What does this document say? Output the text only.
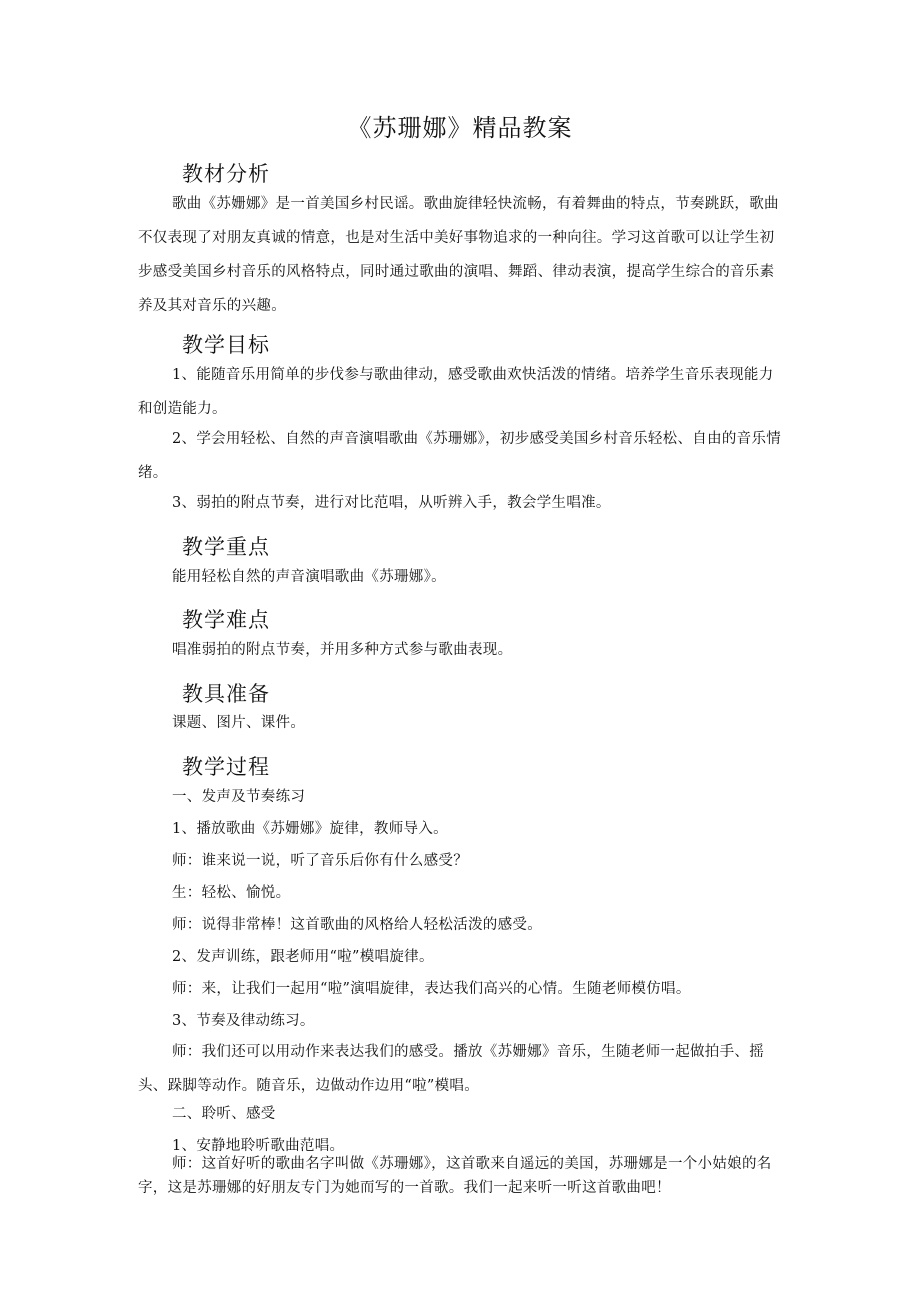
《苏珊娜》精品教案
教材分析
歌曲《苏姗娜》是一首美国乡村民谣。歌曲旋律轻快流畅，有着舞曲的特点，节奏跳跃，歌曲不仅表现了对朋友真诚的情意，也是对生活中美好事物追求的一种向往。学习这首歌可以让学生初步感受美国乡村音乐的风格特点，同时通过歌曲的演唱、舞蹈、律动表演，提高学生综合的音乐素养及其对音乐的兴趣。
教学目标
1、能随音乐用简单的步伐参与歌曲律动，感受歌曲欢快活泼的情绪。培养学生音乐表现能力和创造能力。
2、学会用轻松、自然的声音演唱歌曲《苏珊娜》，初步感受美国乡村音乐轻松、自由的音乐情绪。
3、弱拍的附点节奏，进行对比范唱，从听辨入手，教会学生唱准。
教学重点
能用轻松自然的声音演唱歌曲《苏珊娜》。
教学难点
唱准弱拍的附点节奏，并用多种方式参与歌曲表现。
教具准备
课题、图片、课件。
教学过程
一、发声及节奏练习
1、播放歌曲《苏姗娜》旋律，教师导入。
师：谁来说一说，听了音乐后你有什么感受？
生：轻松、愉悦。
师：说得非常棒！这首歌曲的风格给人轻松活泼的感受。
2、发声训练，跟老师用“啦”模唱旋律。
师：来，让我们一起用“啦”演唱旋律，表达我们高兴的心情。生随老师模仿唱。
3、节奏及律动练习。
师：我们还可以用动作来表达我们的感受。播放《苏姗娜》音乐，生随老师一起做拍手、摇头、跺脚等动作。随音乐，边做动作边用“啦”模唱。
二、聆听、感受
1、安静地聆听歌曲范唱。
师：这首好听的歌曲名字叫做《苏珊娜》，这首歌来自遥远的美国，苏珊娜是一个小姑娘的名字，这是苏珊娜的好朋友专门为她而写的一首歌。我们一起来听一听这首歌曲吧！
